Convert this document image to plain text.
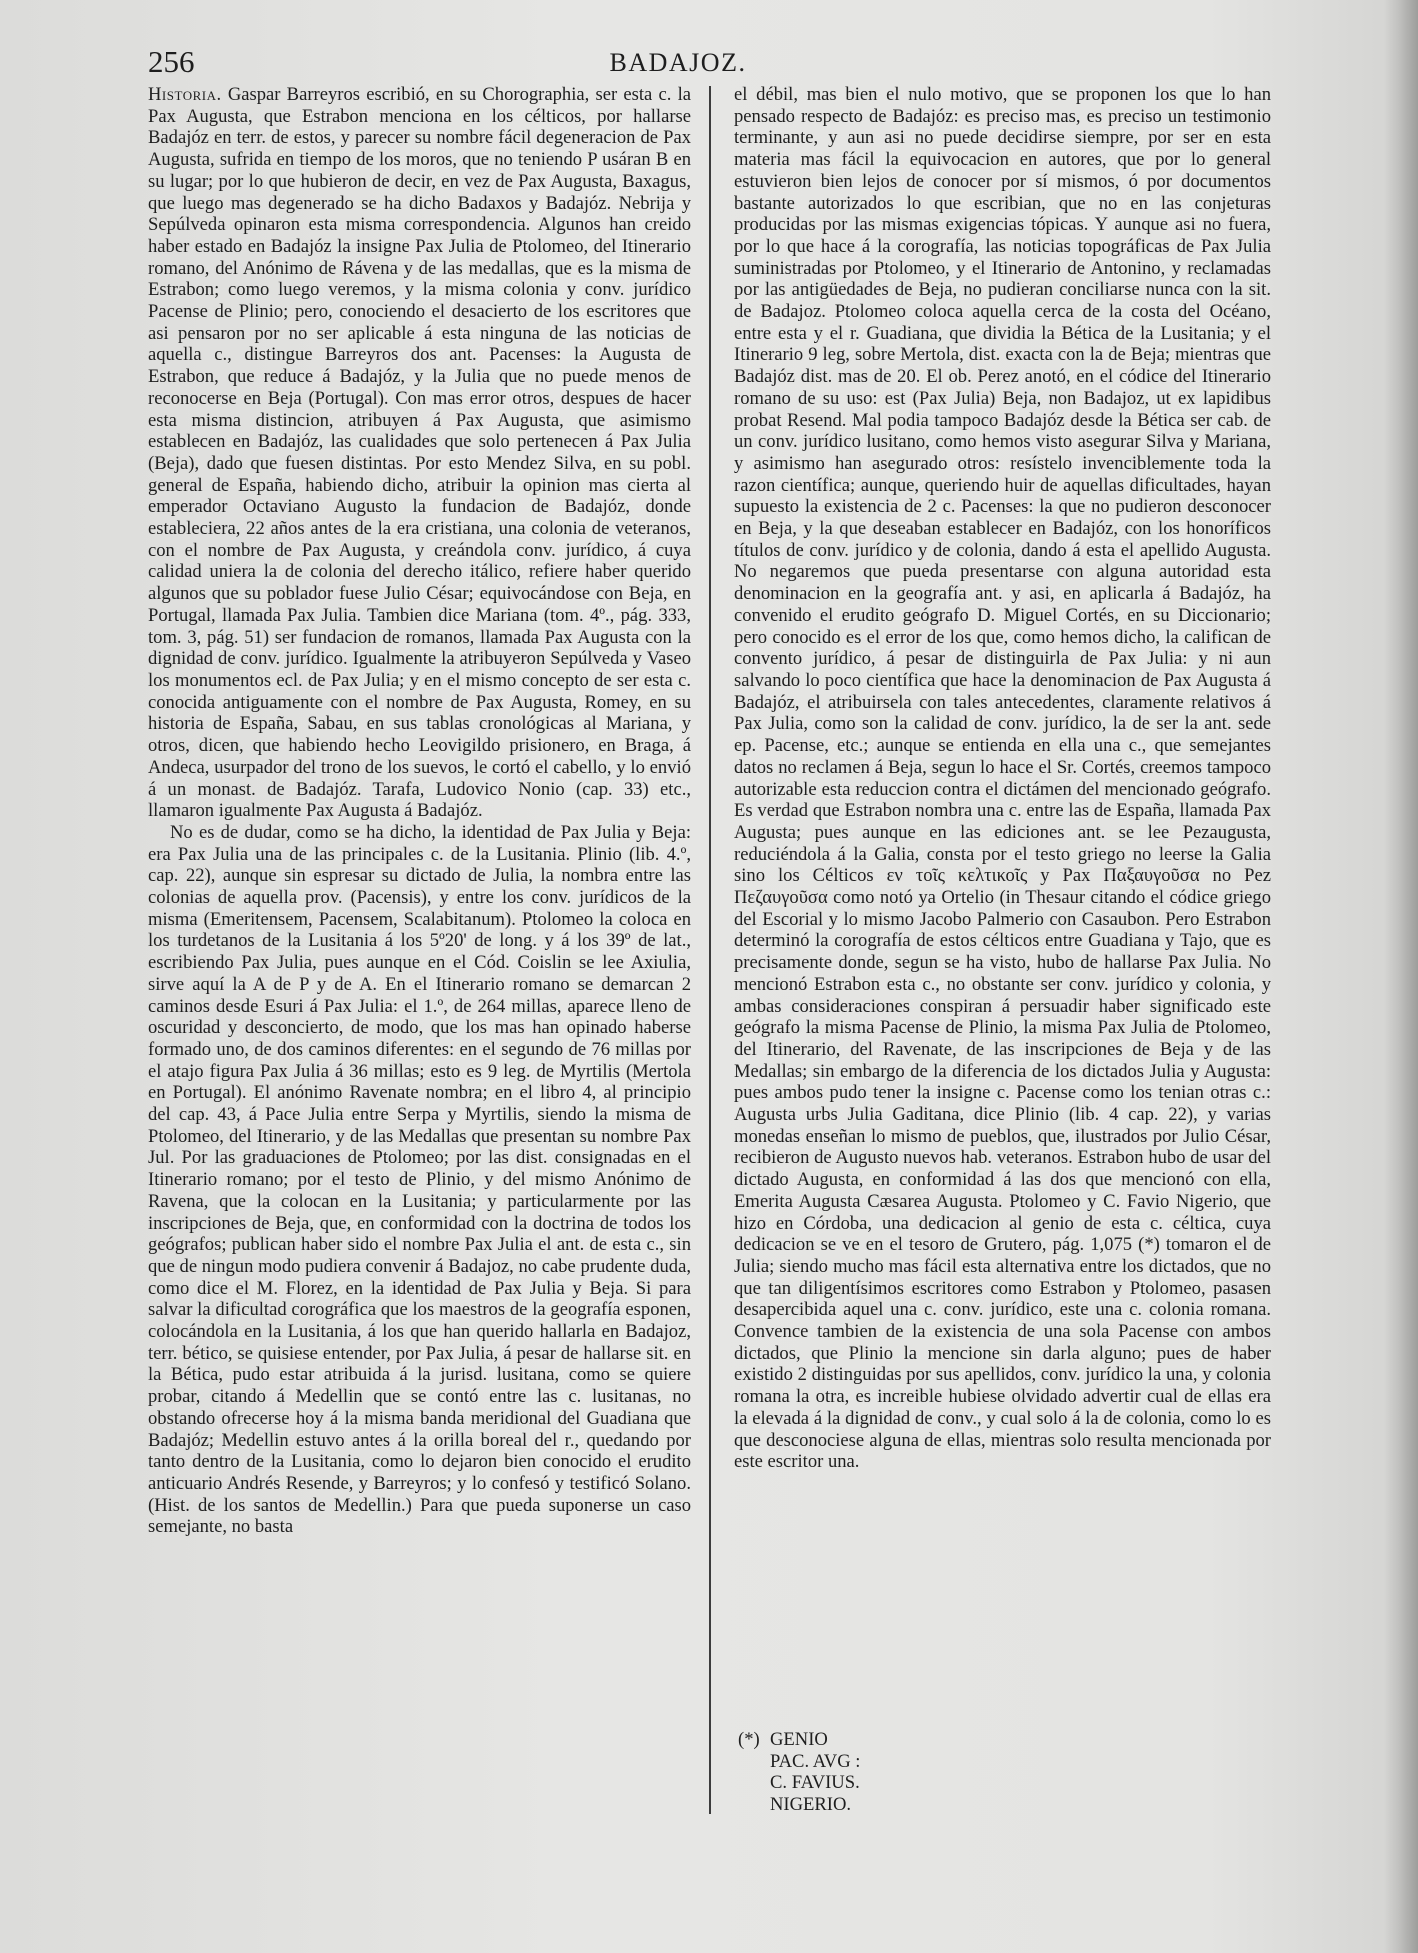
256	BADAJOZ.

Historia. Gaspar Barreyros escribió, en su Chorographia, ser esta c. la Pax Augusta, que Estrabon menciona en los célticos, por hallarse Badajóz en terr. de estos, y parecer su nombre fácil degeneracion de Pax Augusta, sufrida en tiempo de los moros, que no teniendo P usáran B en su lugar; por lo que hubieron de decir, en vez de Pax Augusta, Baxagus, que luego mas degenerado se ha dicho Badaxos y Badajóz. Nebrija y Sepúlveda opinaron esta misma correspondencia. Algunos han creido haber estado en Badajóz la insigne Pax Julia de Ptolomeo, del Itinerario romano, del Anónimo de Rávena y de las medallas, que es la misma de Estrabon; como luego veremos, y la misma colonia y conv. jurídico Pacense de Plinio; pero, conociendo el desacierto de los escritores que asi pensaron por no ser aplicable á esta ninguna de las noticias de aquella c., distingue Barreyros dos ant. Pacenses: la Augusta de Estrabon, que reduce á Badajóz, y la Julia que no puede menos de reconocerse en Beja (Portugal). Con mas error otros, despues de hacer esta misma distincion, atribuyen á Pax Augusta, que asimismo establecen en Badajóz, las cualidades que solo pertenecen á Pax Julia (Beja), dado que fuesen distintas. Por esto Mendez Silva, en su pobl. general de España, habiendo dicho, atribuir la opinion mas cierta al emperador Octaviano Augusto la fundacion de Badajóz, donde estableciera, 22 años antes de la era cristiana, una colonia de veteranos, con el nombre de Pax Augusta, y creándola conv. jurídico, á cuya calidad uniera la de colonia del derecho itálico, refiere haber querido algunos que su poblador fuese Julio César; equivocándose con Beja, en Portugal, llamada Pax Julia. Tambien dice Mariana (tom. 4º., pág. 333, tom. 3, pág. 51) ser fundacion de romanos, llamada Pax Augusta con la dignidad de conv. jurídico. Igualmente la atribuyeron Sepúlveda y Vaseo los monumentos ecl. de Pax Julia; y en el mismo concepto de ser esta c. conocida antiguamente con el nombre de Pax Augusta, Romey, en su historia de España, Sabau, en sus tablas cronológicas al Mariana, y otros, dicen, que habiendo hecho Leovigildo prisionero, en Braga, á Andeca, usurpador del trono de los suevos, le cortó el cabello, y lo envió á un monast. de Badajóz. Tarafa, Ludovico Nonio (cap. 33) etc., llamaron igualmente Pax Augusta á Badajóz.

No es de dudar, como se ha dicho, la identidad de Pax Julia y Beja: era Pax Julia una de las principales c. de la Lusitania. Plinio (lib. 4.º, cap. 22), aunque sin espresar su dictado de Julia, la nombra entre las colonias de aquella prov. (Pacensis), y entre los conv. jurídicos de la misma (Emeritensem, Pacensem, Scalabitanum). Ptolomeo la coloca en los turdetanos de la Lusitania á los 5º20' de long. y á los 39º de lat., escribiendo Pax Julia, pues aunque en el Cód. Coislin se lee Axiulia, sirve aquí la A de P y de A. En el Itinerario romano se demarcan 2 caminos desde Esuri á Pax Julia: el 1.º, de 264 millas, aparece lleno de oscuridad y desconcierto, de modo, que los mas han opinado haberse formado uno, de dos caminos diferentes: en el segundo de 76 millas por el atajo figura Pax Julia á 36 millas; esto es 9 leg. de Myrtilis (Mertola en Portugal). El anónimo Ravenate nombra; en el libro 4, al principio del cap. 43, á Pace Julia entre Serpa y Myrtilis, siendo la misma de Ptolomeo, del Itinerario, y de las Medallas que presentan su nombre Pax Jul. Por las graduaciones de Ptolomeo; por las dist. consignadas en el Itinerario romano; por el testo de Plinio, y del mismo Anónimo de Ravena, que la colocan en la Lusitania; y particularmente por las inscripciones de Beja, que, en conformidad con la doctrina de todos los geógrafos; publican haber sido el nombre Pax Julia el ant. de esta c., sin que de ningun modo pudiera convenir á Badajoz, no cabe prudente duda, como dice el M. Florez, en la identidad de Pax Julia y Beja. Si para salvar la dificultad corográfica que los maestros de la geografía esponen, colocándola en la Lusitania, á los que han querido hallarla en Badajoz, terr. bético, se quisiese entender, por Pax Julia, á pesar de hallarse sit. en la Bética, pudo estar atribuida á la jurisd. lusitana, como se quiere probar, citando á Medellin que se contó entre las c. lusitanas, no obstando ofrecerse hoy á la misma banda meridional del Guadiana que Badajóz; Medellin estuvo antes á la orilla boreal del r., quedando por tanto dentro de la Lusitania, como lo dejaron bien conocido el erudito anticuario Andrés Resende, y Barreyros; y lo confesó y testificó Solano. (Hist. de los santos de Medellin.) Para que pueda suponerse un caso semejante, no basta

el débil, mas bien el nulo motivo, que se proponen los que lo han pensado respecto de Badajóz: es preciso mas, es preciso un testimonio terminante, y aun asi no puede decidirse siempre, por ser en esta materia mas fácil la equivocacion en autores, que por lo general estuvieron bien lejos de conocer por sí mismos, ó por documentos bastante autorizados lo que escribian, que no en las conjeturas producidas por las mismas exigencias tópicas. Y aunque asi no fuera, por lo que hace á la corografía, las noticias topográficas de Pax Julia suministradas por Ptolomeo, y el Itinerario de Antonino, y reclamadas por las antigüedades de Beja, no pudieran conciliarse nunca con la sit. de Badajoz. Ptolomeo coloca aquella cerca de la costa del Océano, entre esta y el r. Guadiana, que dividia la Bética de la Lusitania; y el Itinerario 9 leg, sobre Mertola, dist. exacta con la de Beja; mientras que Badajóz dist. mas de 20. El ob. Perez anotó, en el códice del Itinerario romano de su uso: est (Pax Julia) Beja, non Badajoz, ut ex lapidibus probat Resend. Mal podia tampoco Badajóz desde la Bética ser cab. de un conv. jurídico lusitano, como hemos visto asegurar Silva y Mariana, y asimismo han asegurado otros: resístelo invenciblemente toda la razon científica; aunque, queriendo huir de aquellas dificultades, hayan supuesto la existencia de 2 c. Pacenses: la que no pudieron desconocer en Beja, y la que deseaban establecer en Badajóz, con los honoríficos títulos de conv. jurídico y de colonia, dando á esta el apellido Augusta. No negaremos que pueda presentarse con alguna autoridad esta denominacion en la geografía ant. y asi, en aplicarla á Badajóz, ha convenido el erudito geógrafo D. Miguel Cortés, en su Diccionario; pero conocido es el error de los que, como hemos dicho, la califican de convento jurídico, á pesar de distinguirla de Pax Julia: y ni aun salvando lo poco científica que hace la denominacion de Pax Augusta á Badajóz, el atribuirsela con tales antecedentes, claramente relativos á Pax Julia, como son la calidad de conv. jurídico, la de ser la ant. sede ep. Pacense, etc.; aunque se entienda en ella una c., que semejantes datos no reclamen á Beja, segun lo hace el Sr. Cortés, creemos tampoco autorizable esta reduccion contra el dictámen del mencionado geógrafo. Es verdad que Estrabon nombra una c. entre las de España, llamada Pax Augusta; pues aunque en las ediciones ant. se lee Pezaugusta, reduciéndola á la Galia, consta por el testo griego no leerse la Galia sino los Célticos εν τοῖς κελτικοῖς y Pax Παξαυγοῦσα no Pez Πεζαυγοῦσα como notó ya Ortelio (in Thesaur citando el códice griego del Escorial y lo mismo Jacobo Palmerio con Casaubon. Pero Estrabon determinó la corografía de estos célticos entre Guadiana y Tajo, que es precisamente donde, segun se ha visto, hubo de hallarse Pax Julia. No mencionó Estrabon esta c., no obstante ser conv. jurídico y colonia, y ambas consideraciones conspiran á persuadir haber significado este geógrafo la misma Pacense de Plinio, la misma Pax Julia de Ptolomeo, del Itinerario, del Ravenate, de las inscripciones de Beja y de las Medallas; sin embargo de la diferencia de los dictados Julia y Augusta: pues ambos pudo tener la insigne c. Pacense como los tenian otras c.: Augusta urbs Julia Gaditana, dice Plinio (lib. 4 cap. 22), y varias monedas enseñan lo mismo de pueblos, que, ilustrados por Julio César, recibieron de Augusto nuevos hab. veteranos. Estrabon hubo de usar del dictado Augusta, en conformidad á las dos que mencionó con ella, Emerita Augusta Cæsarea Augusta. Ptolomeo y C. Favio Nigerio, que hizo en Córdoba, una dedicacion al genio de esta c. céltica, cuya dedicacion se ve en el tesoro de Grutero, pág. 1,075 (*) tomaron el de Julia; siendo mucho mas fácil esta alternativa entre los dictados, que no que tan diligentísimos escritores como Estrabon y Ptolomeo, pasasen desapercibida aquel una c. conv. jurídico, este una c. colonia romana. Convence tambien de la existencia de una sola Pacense con ambos dictados, que Plinio la mencione sin darla alguno; pues de haber existido 2 distinguidas por sus apellidos, conv. jurídico la una, y colonia romana la otra, es increible hubiese olvidado advertir cual de ellas era la elevada á la dignidad de conv., y cual solo á la de colonia, como lo es que desconociese alguna de ellas, mientras solo resulta mencionada por este escritor una.

(*) GENIO
PAC. AVG :
C. FAVIUS.
NIGERIO.
